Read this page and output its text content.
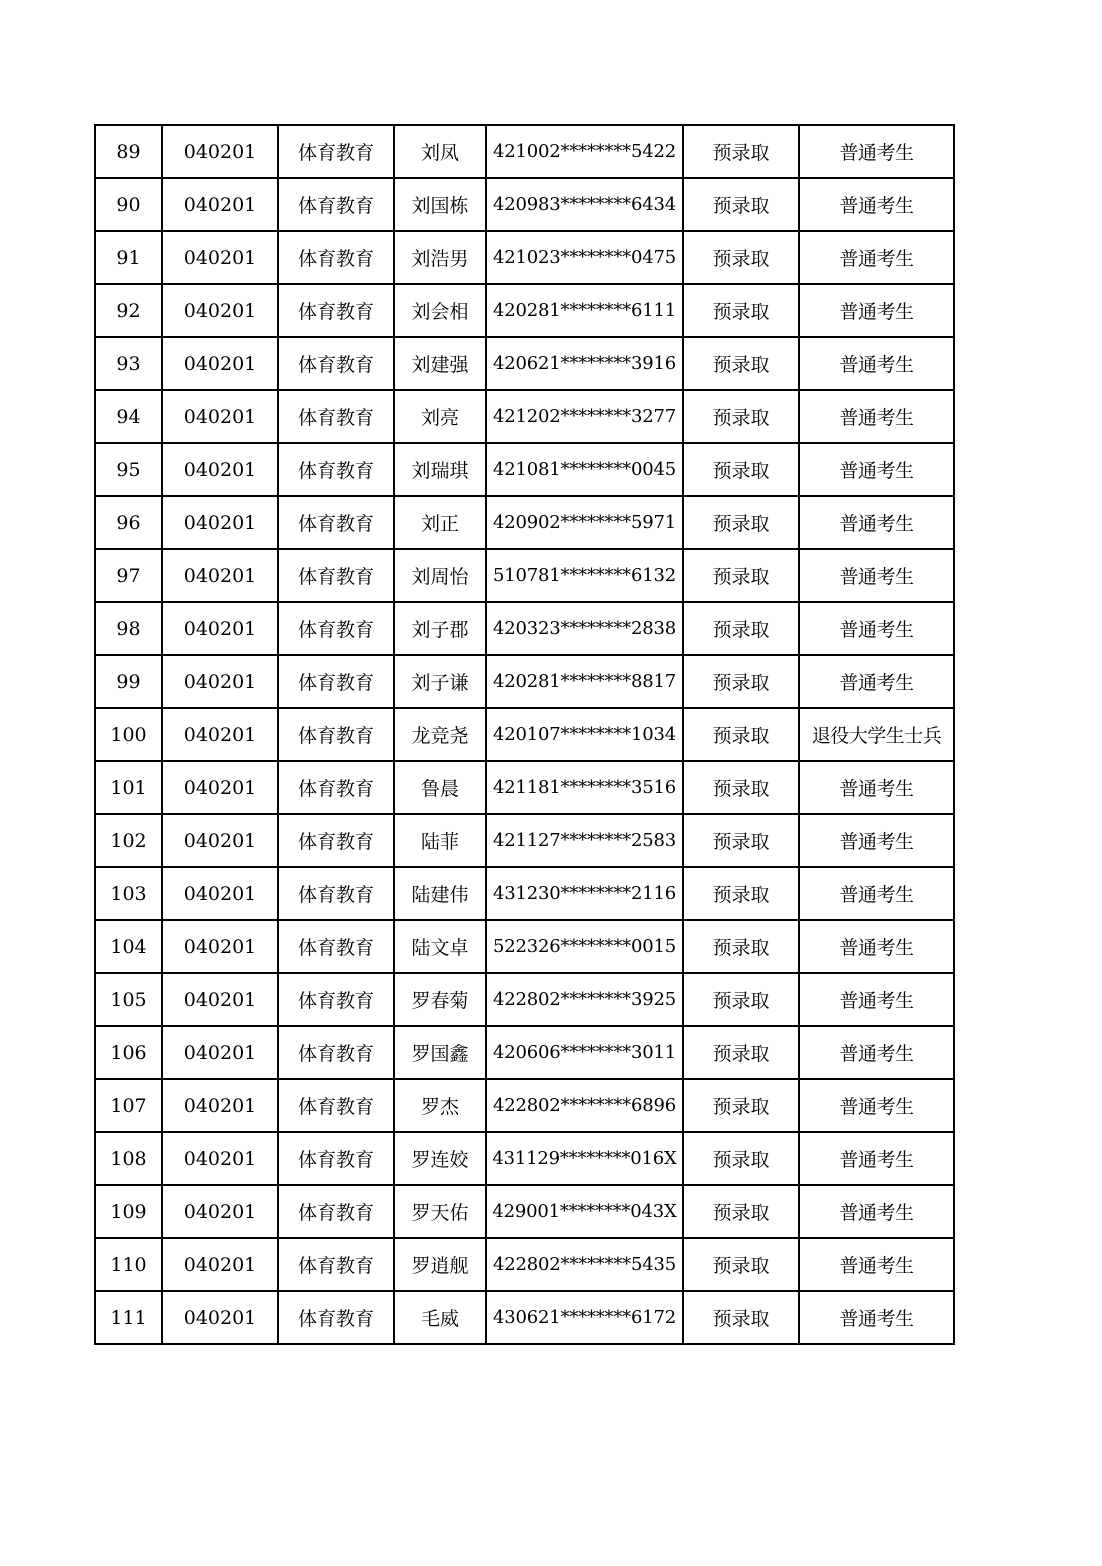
89	040201	体育教育	刘凤	421002********5422	预录取	普通考生
90	040201	体育教育	刘国栋	420983********6434	预录取	普通考生
91	040201	体育教育	刘浩男	421023********0475	预录取	普通考生
92	040201	体育教育	刘会相	420281********6111	预录取	普通考生
93	040201	体育教育	刘建强	420621********3916	预录取	普通考生
94	040201	体育教育	刘亮	421202********3277	预录取	普通考生
95	040201	体育教育	刘瑞琪	421081********0045	预录取	普通考生
96	040201	体育教育	刘正	420902********5971	预录取	普通考生
97	040201	体育教育	刘周怡	510781********6132	预录取	普通考生
98	040201	体育教育	刘子郡	420323********2838	预录取	普通考生
99	040201	体育教育	刘子谦	420281********8817	预录取	普通考生
100	040201	体育教育	龙竞尧	420107********1034	预录取	退役大学生士兵
101	040201	体育教育	鲁晨	421181********3516	预录取	普通考生
102	040201	体育教育	陆菲	421127********2583	预录取	普通考生
103	040201	体育教育	陆建伟	431230********2116	预录取	普通考生
104	040201	体育教育	陆文卓	522326********0015	预录取	普通考生
105	040201	体育教育	罗春菊	422802********3925	预录取	普通考生
106	040201	体育教育	罗国鑫	420606********3011	预录取	普通考生
107	040201	体育教育	罗杰	422802********6896	预录取	普通考生
108	040201	体育教育	罗连姣	431129********016X	预录取	普通考生
109	040201	体育教育	罗天佑	429001********043X	预录取	普通考生
110	040201	体育教育	罗逍舰	422802********5435	预录取	普通考生
111	040201	体育教育	毛威	430621********6172	预录取	普通考生
